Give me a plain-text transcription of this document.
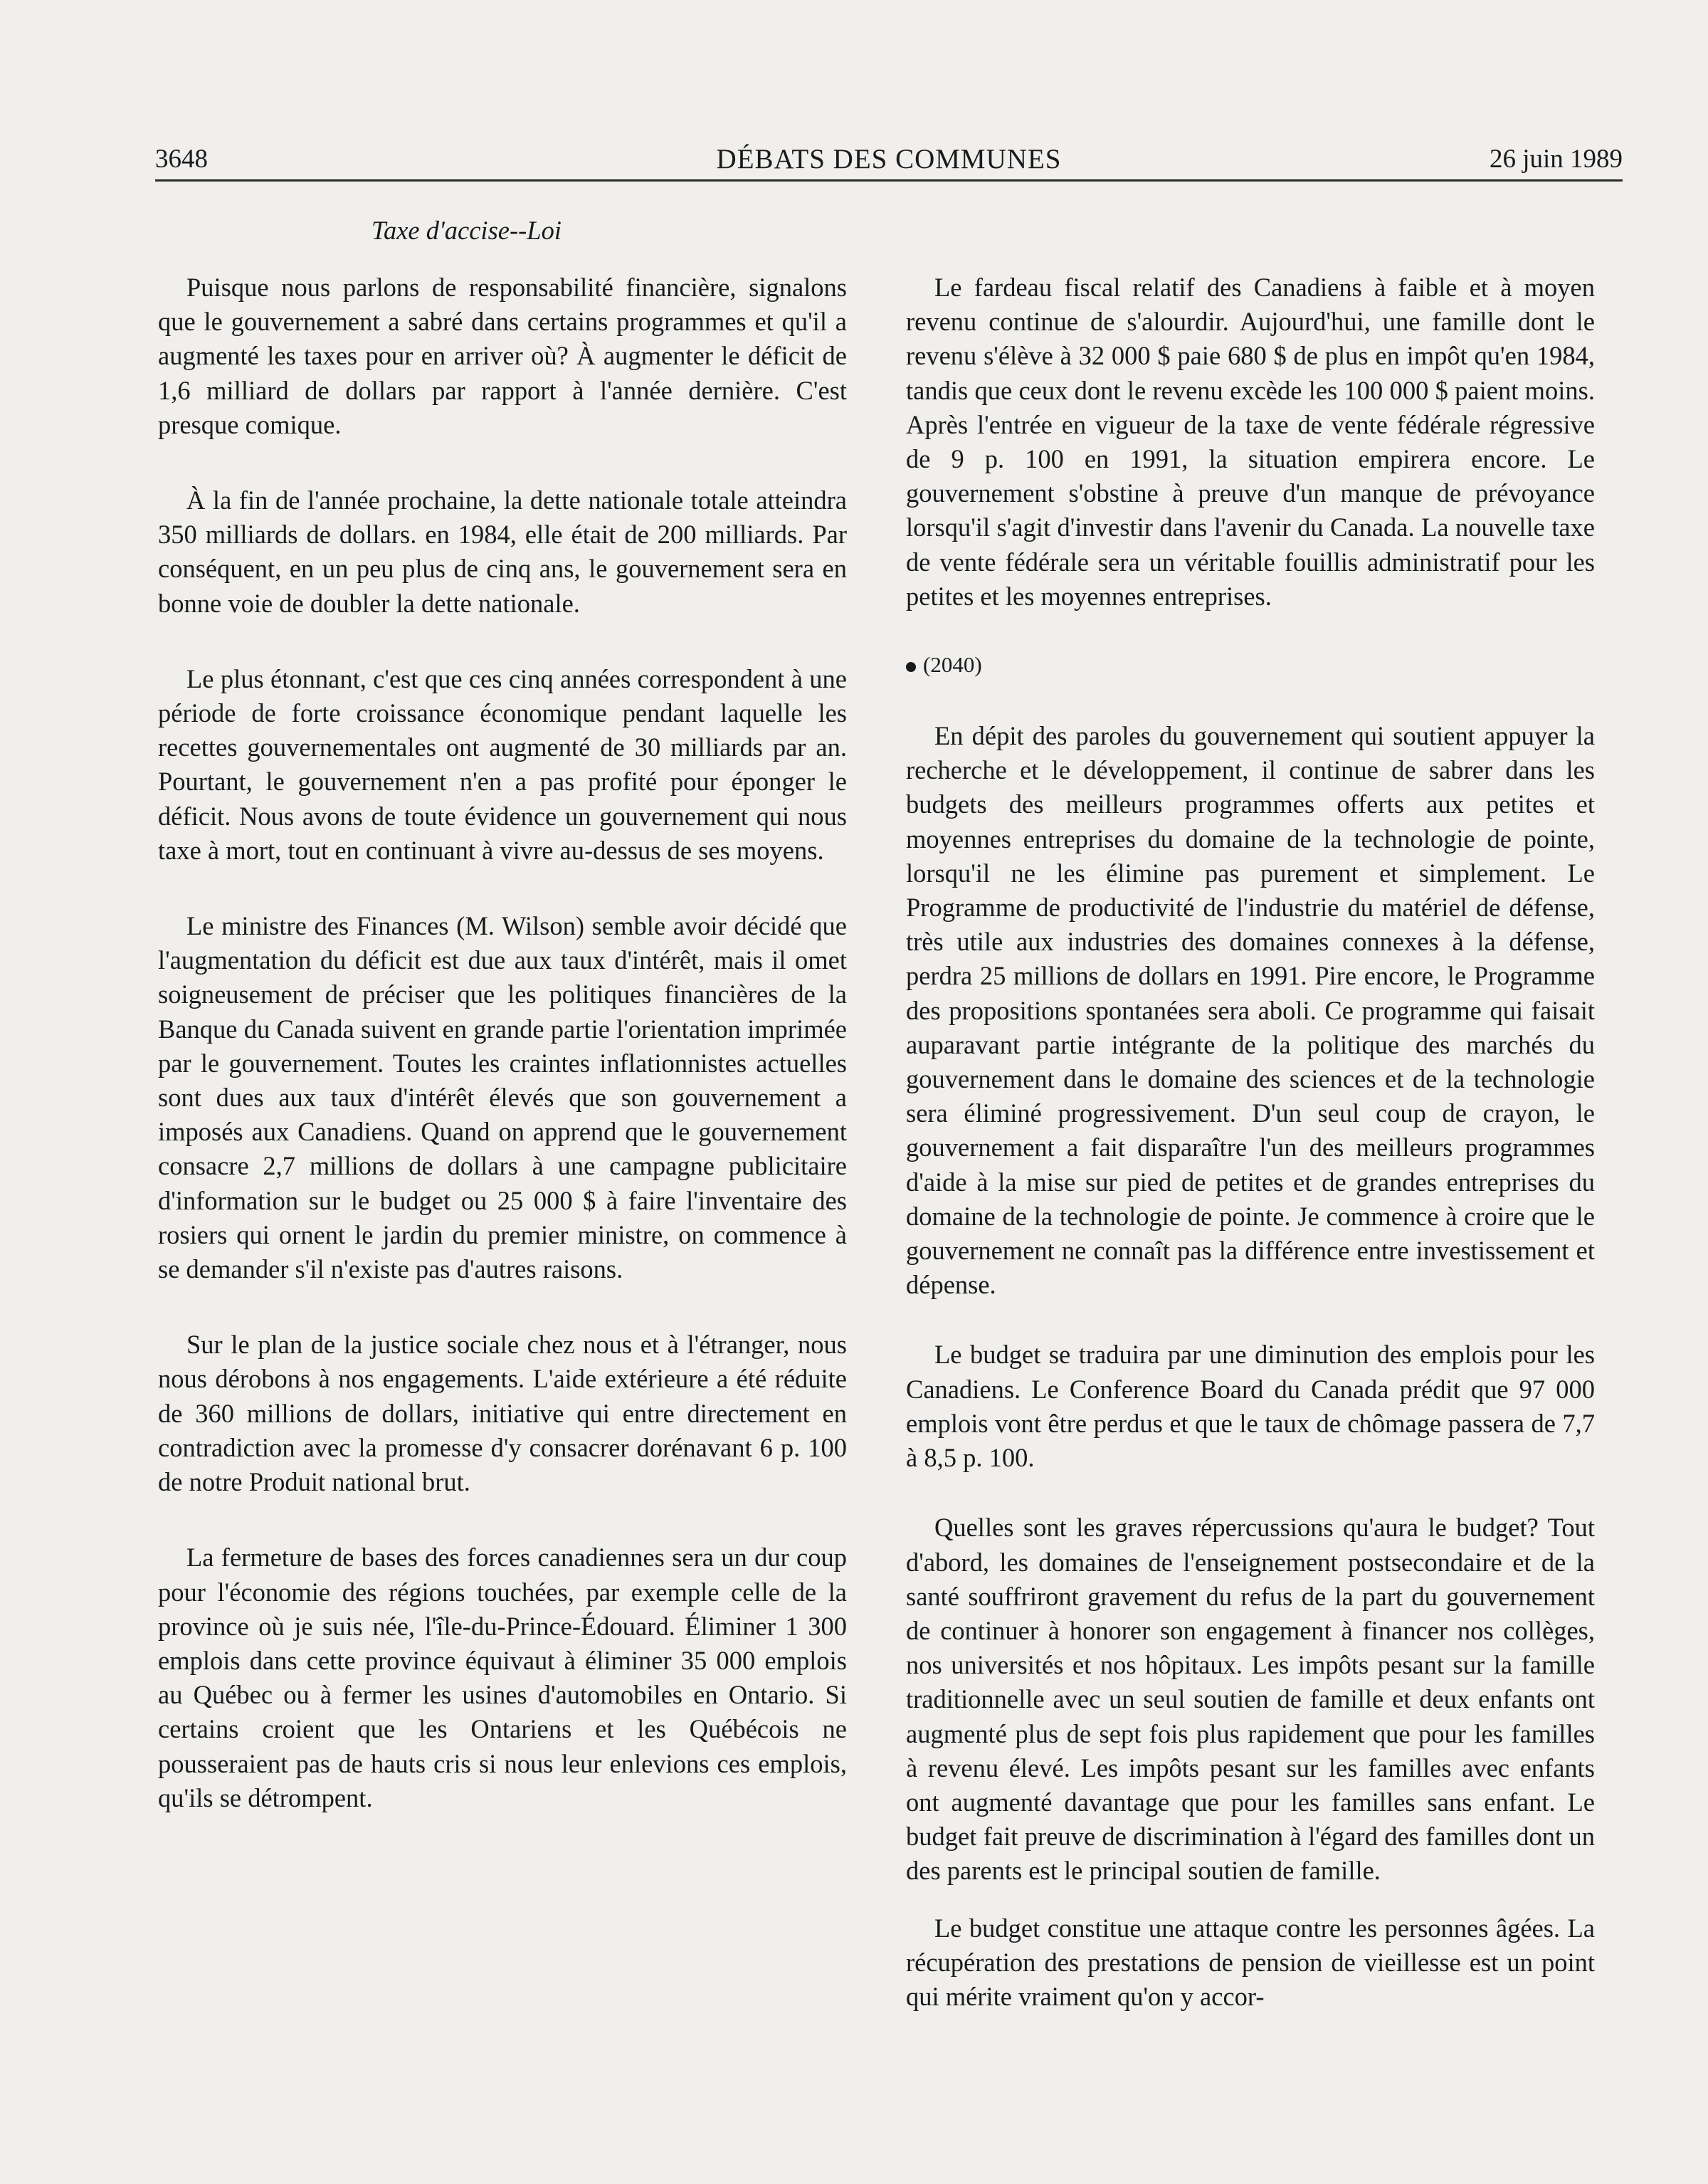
3648	DÉBATS DES COMMUNES	26 juin 1989
Taxe d'accise--Loi

Puisque nous parlons de responsabilité financière, signalons que le gouvernement a sabré dans certains programmes et qu'il a augmenté les taxes pour en arriver où? À augmenter le déficit de 1,6 milliard de dollars par rapport à l'année dernière. C'est presque comique.

À la fin de l'année prochaine, la dette nationale totale atteindra 350 milliards de dollars. en 1984, elle était de 200 milliards. Par conséquent, en un peu plus de cinq ans, le gouvernement sera en bonne voie de doubler la dette nationale.

Le plus étonnant, c'est que ces cinq années correspondent à une période de forte croissance économique pendant laquelle les recettes gouvernementales ont augmenté de 30 milliards par an. Pourtant, le gouvernement n'en a pas profité pour éponger le déficit. Nous avons de toute évidence un gouvernement qui nous taxe à mort, tout en continuant à vivre au-dessus de ses moyens.

Le ministre des Finances (M. Wilson) semble avoir décidé que l'augmentation du déficit est due aux taux d'intérêt, mais il omet soigneusement de préciser que les politiques financières de la Banque du Canada suivent en grande partie l'orientation imprimée par le gouvernement. Toutes les craintes inflationnistes actuelles sont dues aux taux d'intérêt élevés que son gouvernement a imposés aux Canadiens. Quand on apprend que le gouvernement consacre 2,7 millions de dollars à une campagne publicitaire d'information sur le budget ou 25 000 $ à faire l'inventaire des rosiers qui ornent le jardin du premier ministre, on commence à se demander s'il n'existe pas d'autres raisons.

Sur le plan de la justice sociale chez nous et à l'étranger, nous nous dérobons à nos engagements. L'aide extérieure a été réduite de 360 millions de dollars, initiative qui entre directement en contradiction avec la promesse d'y consacrer dorénavant 6 p. 100 de notre Produit national brut.

La fermeture de bases des forces canadiennes sera un dur coup pour l'économie des régions touchées, par exemple celle de la province où je suis née, l'île-du-Prince-Édouard. Éliminer 1 300 emplois dans cette province équivaut à éliminer 35 000 emplois au Québec ou à fermer les usines d'automobiles en Ontario. Si certains croient que les Ontariens et les Québécois ne pousseraient pas de hauts cris si nous leur enlevions ces emplois, qu'ils se détrompent.

Le fardeau fiscal relatif des Canadiens à faible et à moyen revenu continue de s'alourdir. Aujourd'hui, une famille dont le revenu s'élève à 32 000 $ paie 680 $ de plus en impôt qu'en 1984, tandis que ceux dont le revenu excède les 100 000 $ paient moins. Après l'entrée en vigueur de la taxe de vente fédérale régressive de 9 p. 100 en 1991, la situation empirera encore. Le gouvernement s'obstine à preuve d'un manque de prévoyance lorsqu'il s'agit d'investir dans l'avenir du Canada. La nouvelle taxe de vente fédérale sera un véritable fouillis administratif pour les petites et les moyennes entreprises.

(2040)

En dépit des paroles du gouvernement qui soutient appuyer la recherche et le développement, il continue de sabrer dans les budgets des meilleurs programmes offerts aux petites et moyennes entreprises du domaine de la technologie de pointe, lorsqu'il ne les élimine pas purement et simplement. Le Programme de productivité de l'industrie du matériel de défense, très utile aux industries des domaines connexes à la défense, perdra 25 millions de dollars en 1991. Pire encore, le Programme des propositions spontanées sera aboli. Ce programme qui faisait auparavant partie intégrante de la politique des marchés du gouvernement dans le domaine des sciences et de la technologie sera éliminé progressivement. D'un seul coup de crayon, le gouvernement a fait disparaître l'un des meilleurs programmes d'aide à la mise sur pied de petites et de grandes entreprises du domaine de la technologie de pointe. Je commence à croire que le gouvernement ne connaît pas la différence entre investissement et dépense.

Le budget se traduira par une diminution des emplois pour les Canadiens. Le Conference Board du Canada prédit que 97 000 emplois vont être perdus et que le taux de chômage passera de 7,7 à 8,5 p. 100.

Quelles sont les graves répercussions qu'aura le budget? Tout d'abord, les domaines de l'enseignement postsecondaire et de la santé souffriront gravement du refus de la part du gouvernement de continuer à honorer son engagement à financer nos collèges, nos universités et nos hôpitaux. Les impôts pesant sur la famille traditionnelle avec un seul soutien de famille et deux enfants ont augmenté plus de sept fois plus rapidement que pour les familles à revenu élevé. Les impôts pesant sur les familles avec enfants ont augmenté davantage que pour les familles sans enfant. Le budget fait preuve de discrimination à l'égard des familles dont un des parents est le principal soutien de famille.

Le budget constitue une attaque contre les personnes âgées. La récupération des prestations de pension de vieillesse est un point qui mérite vraiment qu'on y accor-
